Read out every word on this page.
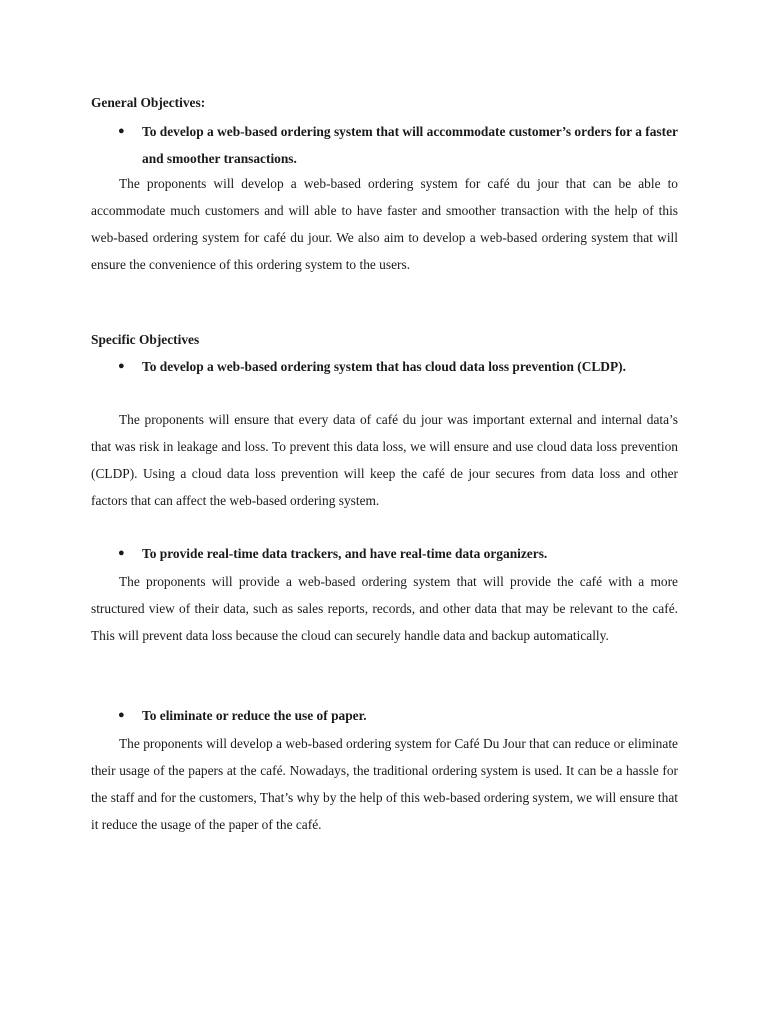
General Objectives:
● To develop a web-based ordering system that will accommodate customer’s orders for a faster and smoother transactions.
The proponents will develop a web-based ordering system for café du jour that can be able to accommodate much customers and will able to have faster and smoother transaction with the help of this web-based ordering system for café du jour. We also aim to develop a web-based ordering system that will ensure the convenience of this ordering system to the users.
Specific Objectives
● To develop a web-based ordering system that has cloud data loss prevention (CLDP).
The proponents will ensure that every data of café du jour was important external and internal data’s that was risk in leakage and loss. To prevent this data loss, we will ensure and use cloud data loss prevention (CLDP). Using a cloud data loss prevention will keep the café de jour secures from data loss and other factors that can affect the web-based ordering system.
● To provide real-time data trackers, and have real-time data organizers.
The proponents will provide a web-based ordering system that will provide the café with a more structured view of their data, such as sales reports, records, and other data that may be relevant to the café. This will prevent data loss because the cloud can securely handle data and backup automatically.
● To eliminate or reduce the use of paper.
The proponents will develop a web-based ordering system for Café Du Jour that can reduce or eliminate their usage of the papers at the café. Nowadays, the traditional ordering system is used. It can be a hassle for the staff and for the customers, That’s why by the help of this web-based ordering system, we will ensure that it reduce the usage of the paper of the café.
